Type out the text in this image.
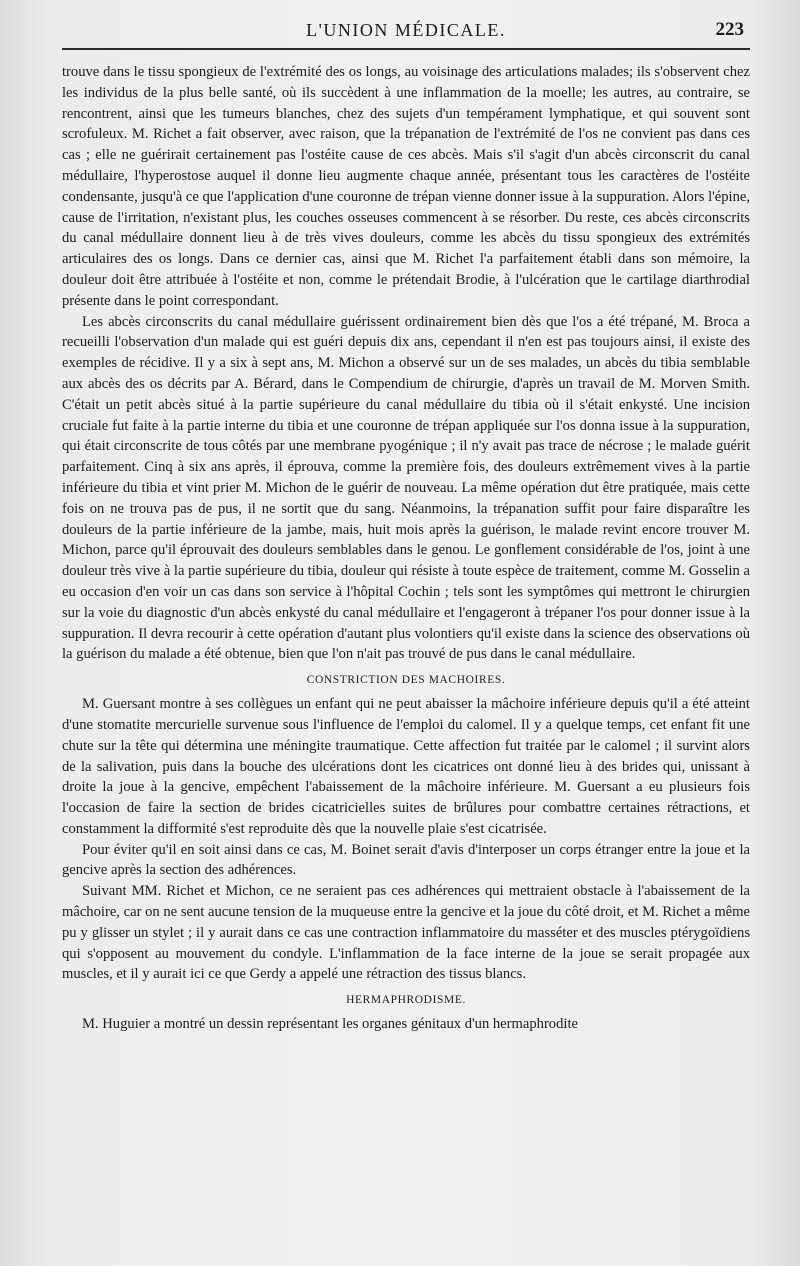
L'UNION MÉDICALE.	223

trouve dans le tissu spongieux de l'extrémité des os longs, au voisinage des articulations malades; ils s'observent chez les individus de la plus belle santé, où ils succèdent à une inflammation de la moelle; les autres, au contraire, se rencontrent, ainsi que les tumeurs blanches, chez des sujets d'un tempérament lymphatique, et qui souvent sont scrofuleux. M. Richet a fait observer, avec raison, que la trépanation de l'extrémité de l'os ne convient pas dans ces cas ; elle ne guérirait certainement pas l'ostéite cause de ces abcès. Mais s'il s'agit d'un abcès circonscrit du canal médullaire, l'hyperostose auquel il donne lieu augmente chaque année, présentant tous les caractères de l'ostéite condensante, jusqu'à ce que l'application d'une couronne de trépan vienne donner issue à la suppuration. Alors l'épine, cause de l'irritation, n'existant plus, les couches osseuses commencent à se résorber. Du reste, ces abcès circonscrits du canal médullaire donnent lieu à de très vives douleurs, comme les abcès du tissu spongieux des extrémités articulaires des os longs. Dans ce dernier cas, ainsi que M. Richet l'a parfaitement établi dans son mémoire, la douleur doit être attribuée à l'ostéite et non, comme le prétendait Brodie, à l'ulcération que le cartilage diarthrodial présente dans le point correspondant.

Les abcès circonscrits du canal médullaire guérissent ordinairement bien dès que l'os a été trépané, M. Broca a recueilli l'observation d'un malade qui est guéri depuis dix ans, cependant il n'en est pas toujours ainsi, il existe des exemples de récidive. Il y a six à sept ans, M. Michon a observé sur un de ses malades, un abcès du tibia semblable aux abcès des os décrits par A. Bérard, dans le Compendium de chirurgie, d'après un travail de M. Morven Smith. C'était un petit abcès situé à la partie supérieure du canal médullaire du tibia où il s'était enkysté. Une incision cruciale fut faite à la partie interne du tibia et une couronne de trépan appliquée sur l'os donna issue à la suppuration, qui était circonscrite de tous côtés par une membrane pyogénique ; il n'y avait pas trace de nécrose ; le malade guérit parfaitement. Cinq à six ans après, il éprouva, comme la première fois, des douleurs extrêmement vives à la partie inférieure du tibia et vint prier M. Michon de le guérir de nouveau. La même opération dut être pratiquée, mais cette fois on ne trouva pas de pus, il ne sortit que du sang. Néanmoins, la trépanation suffit pour faire disparaître les douleurs de la partie inférieure de la jambe, mais, huit mois après la guérison, le malade revint encore trouver M. Michon, parce qu'il éprouvait des douleurs semblables dans le genou. Le gonflement considérable de l'os, joint à une douleur très vive à la partie supérieure du tibia, douleur qui résiste à toute espèce de traitement, comme M. Gosselin a eu occasion d'en voir un cas dans son service à l'hôpital Cochin ; tels sont les symptômes qui mettront le chirurgien sur la voie du diagnostic d'un abcès enkysté du canal médullaire et l'engageront à trépaner l'os pour donner issue à la suppuration. Il devra recourir à cette opération d'autant plus volontiers qu'il existe dans la science des observations où la guérison du malade a été obtenue, bien que l'on n'ait pas trouvé de pus dans le canal médullaire.

CONSTRICTION DES MACHOIRES.

M. Guersant montre à ses collègues un enfant qui ne peut abaisser la mâchoire inférieure depuis qu'il a été atteint d'une stomatite mercurielle survenue sous l'influence de l'emploi du calomel. Il y a quelque temps, cet enfant fit une chute sur la tête qui détermina une méningite traumatique. Cette affection fut traitée par le calomel ; il survint alors de la salivation, puis dans la bouche des ulcérations dont les cicatrices ont donné lieu à des brides qui, unissant à droite la joue à la gencive, empêchent l'abaissement de la mâchoire inférieure. M. Guersant a eu plusieurs fois l'occasion de faire la section de brides cicatricielles suites de brûlures pour combattre certaines rétractions, et constamment la difformité s'est reproduite dès que la nouvelle plaie s'est cicatrisée.

Pour éviter qu'il en soit ainsi dans ce cas, M. Boinet serait d'avis d'interposer un corps étranger entre la joue et la gencive après la section des adhérences.

Suivant MM. Richet et Michon, ce ne seraient pas ces adhérences qui mettraient obstacle à l'abaissement de la mâchoire, car on ne sent aucune tension de la muqueuse entre la gencive et la joue du côté droit, et M. Richet a même pu y glisser un stylet ; il y aurait dans ce cas une contraction inflammatoire du masséter et des muscles ptérygoïdiens qui s'opposent au mouvement du condyle. L'inflammation de la face interne de la joue se serait propagée aux muscles, et il y aurait ici ce que Gerdy a appelé une rétraction des tissus blancs.

HERMAPHRODISME.

M. Huguier a montré un dessin représentant les organes génitaux d'un hermaphrodite
